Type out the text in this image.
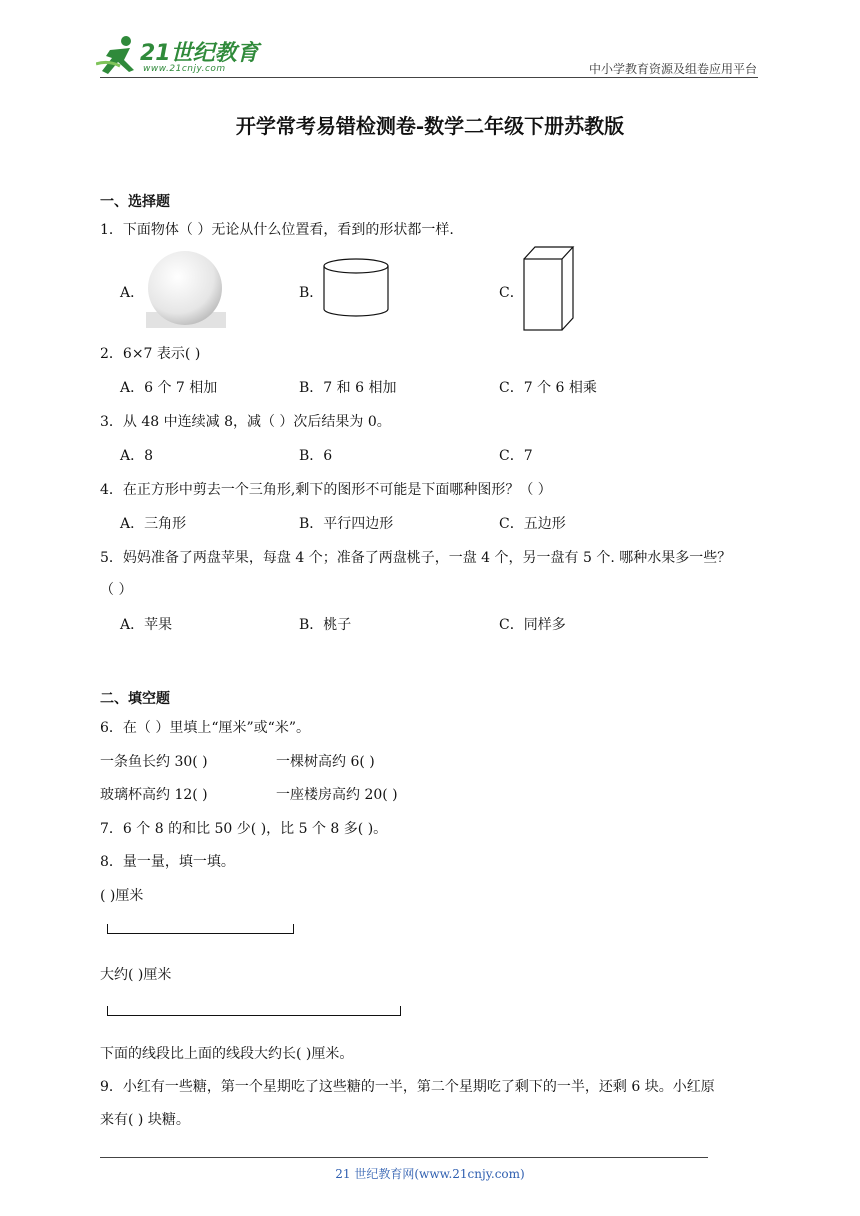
21世纪教育
www.21cnjy.com	中小学教育资源及组卷应用平台
开学常考易错检测卷-数学二年级下册苏教版
一、选择题
1．下面物体（ ）无论从什么位置看，看到的形状都一样.
A．	B．	C．
2．6×7 表示( )
A．6 个 7 相加	B．7 和 6 相加	C．7 个 6 相乘
3．从 48 中连续减 8，减（ ）次后结果为 0。
A．8	B．6	C．7
4．在正方形中剪去一个三角形,剩下的图形不可能是下面哪种图形？（ ）
A．三角形	B．平行四边形	C．五边形
5．妈妈准备了两盘苹果，每盘 4 个；准备了两盘桃子，一盘 4 个，另一盘有 5 个. 哪种水果多一些？
（ ）
A．苹果	B．桃子	C．同样多
二、填空题
6．在（ ）里填上“厘米”或“米”。
一条鱼长约 30( )	一棵树高约 6( )
玻璃杯高约 12( )	一座楼房高约 20( )
7．6 个 8 的和比 50 少( )，比 5 个 8 多( )。
8．量一量，填一填。
( )厘米
大约( )厘米
下面的线段比上面的线段大约长( )厘米。
9．小红有一些糖，第一个星期吃了这些糖的一半，第二个星期吃了剩下的一半，还剩 6 块。小红原
来有( ) 块糖。
21 世纪教育网(www.21cnjy.com)
